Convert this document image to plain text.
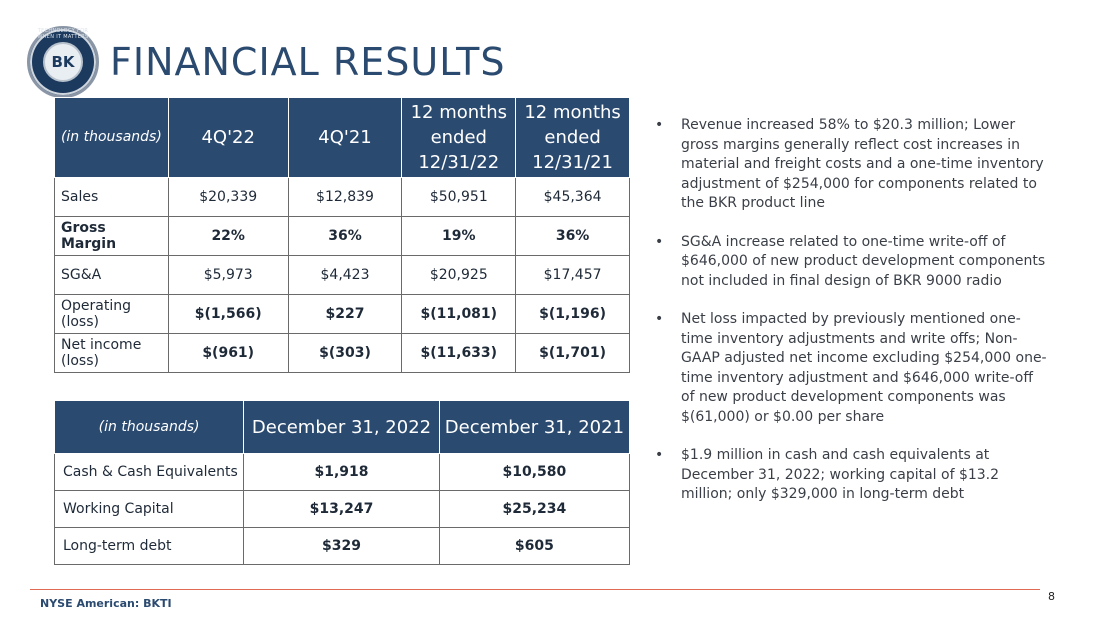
TECHNOLOGY FOR WHEN IT MATTERS
BK FINANCIAL RESULTS
(in thousands)	4Q'22	4Q'21	12 months ended 12/31/22	12 months ended 12/31/21
Sales	$20,339	$12,839	$50,951	$45,364
Gross Margin	22%	36%	19%	36%
SG&A	$5,973	$4,423	$20,925	$17,457
Operating (loss)	$(1,566)	$227	$(11,081)	$(1,196)
Net income (loss)	$(961)	$(303)	$(11,633)	$(1,701)
(in thousands)	December 31, 2022	December 31, 2021
Cash & Cash Equivalents	$1,918	$10,580
Working Capital	$13,247	$25,234
Long-term debt	$329	$605
• Revenue increased 58% to $20.3 million; Lower gross margins generally reflect cost increases in material and freight costs and a one-time inventory adjustment of $254,000 for components related to the BKR product line
• SG&A increase related to one-time write-off of $646,000 of new product development components not included in final design of BKR 9000 radio
• Net loss impacted by previously mentioned one-time inventory adjustments and write offs; Non-GAAP adjusted net income excluding $254,000 one-time inventory adjustment and $646,000 write-off of new product development components was $(61,000) or $0.00 per share
• $1.9 million in cash and cash equivalents at December 31, 2022; working capital of $13.2 million; only $329,000 in long-term debt
NYSE American: BKTI
8
